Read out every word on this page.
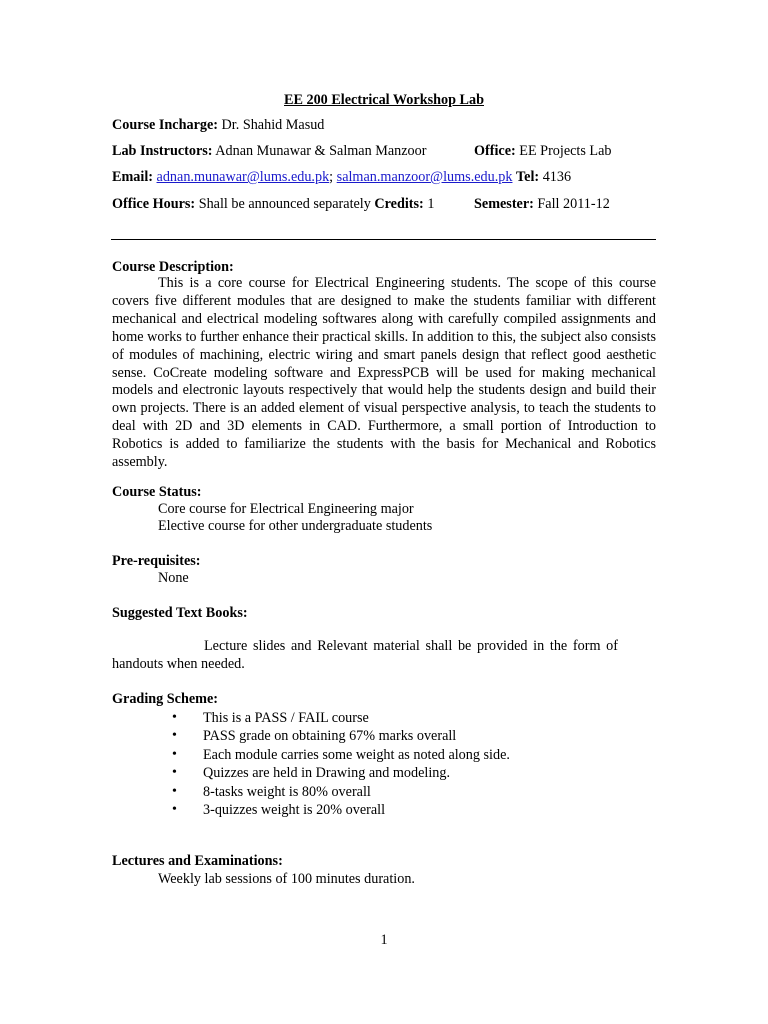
EE 200 Electrical Workshop Lab
Course Incharge: Dr. Shahid Masud
Lab Instructors: Adnan Munawar & Salman Manzoor	Office: EE Projects Lab
Email: adnan.munawar@lums.edu.pk; salman.manzoor@lums.edu.pk Tel: 4136
Office Hours: Shall be announced separately Credits: 1	Semester: Fall 2011-12
Course Description:
This is a core course for Electrical Engineering students. The scope of this course covers five different modules that are designed to make the students familiar with different mechanical and electrical modeling softwares along with carefully compiled assignments and home works to further enhance their practical skills. In addition to this, the subject also consists of modules of machining, electric wiring and smart panels design that reflect good aesthetic sense. CoCreate modeling software and ExpressPCB will be used for making mechanical models and electronic layouts respectively that would help the students design and build their own projects. There is an added element of visual perspective analysis, to teach the students to deal with 2D and 3D elements in CAD. Furthermore, a small portion of Introduction to Robotics is added to familiarize the students with the basis for Mechanical and Robotics assembly.
Course Status:
Core course for Electrical Engineering major
Elective course for other undergraduate students
Pre-requisites:
None
Suggested Text Books:
Lecture slides and Relevant material shall be provided in the form of handouts when needed.
Grading Scheme:
• This is a PASS / FAIL course
• PASS grade on obtaining 67% marks overall
• Each module carries some weight as noted along side.
• Quizzes are held in Drawing and modeling.
• 8-tasks weight is 80% overall
• 3-quizzes weight is 20% overall
Lectures and Examinations:
Weekly lab sessions of 100 minutes duration.
1
